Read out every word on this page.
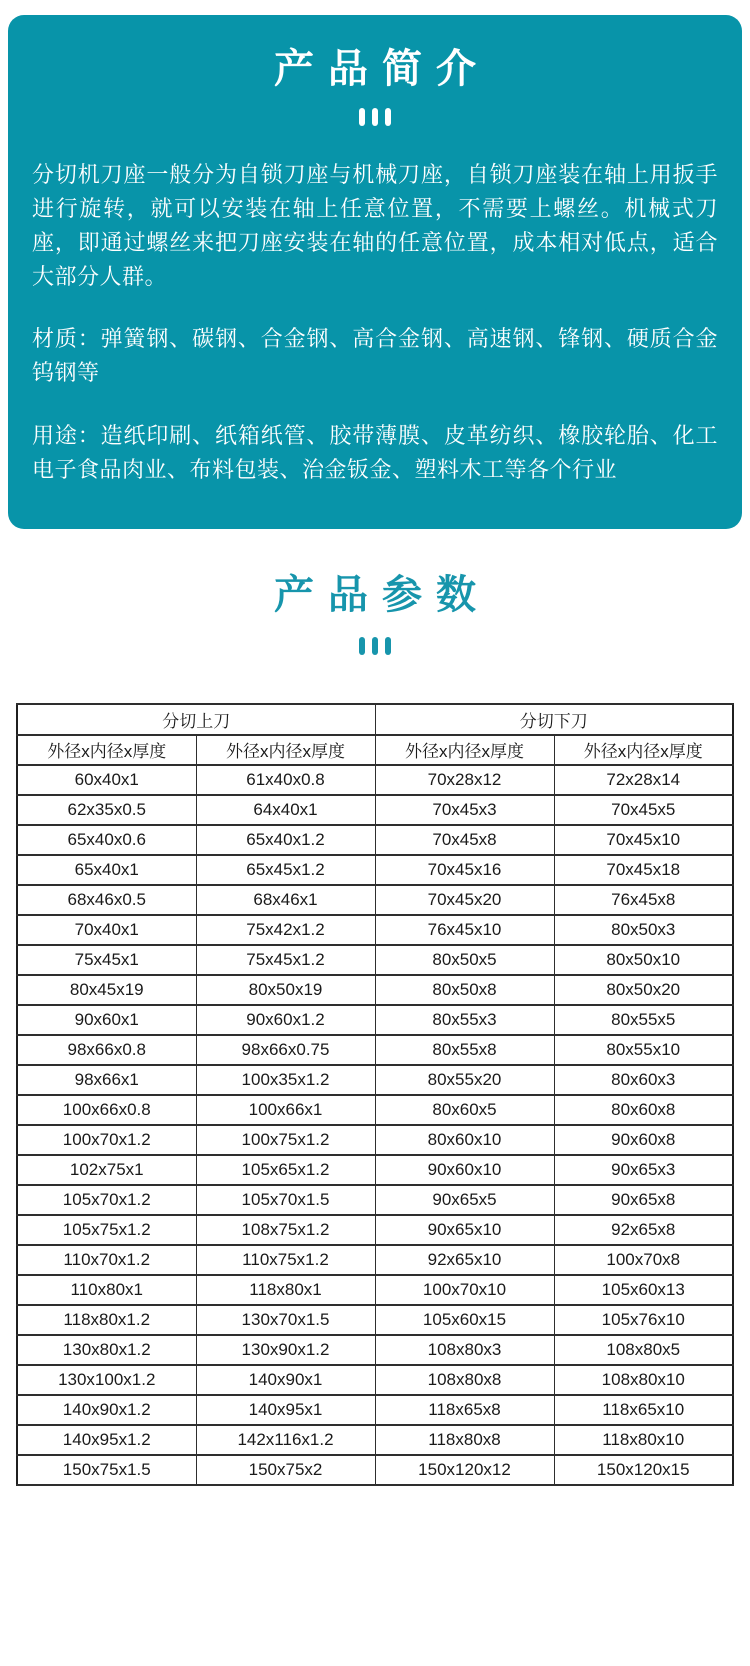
产品简介

分切机刀座一般分为自锁刀座与机械刀座，自锁刀座装在轴上用扳手进行旋转，就可以安装在轴上任意位置，不需要上螺丝。机械式刀座，即通过螺丝来把刀座安装在轴的任意位置，成本相对低点，适合大部分人群。

材质：弹簧钢、碳钢、合金钢、高合金钢、高速钢、锋钢、硬质合金钨钢等

用途：造纸印刷、纸箱纸管、胶带薄膜、皮革纺织、橡胶轮胎、化工电子食品肉业、布料包装、治金钣金、塑料木工等各个行业

产品参数
分切上刀		分切下刀	
外径x内径x厚度	外径x内径x厚度	外径x内径x厚度	外径x内径x厚度
60x40x1	61x40x0.8	70x28x12	72x28x14
62x35x0.5	64x40x1	70x45x3	70x45x5
65x40x0.6	65x40x1.2	70x45x8	70x45x10
65x40x1	65x45x1.2	70x45x16	70x45x18
68x46x0.5	68x46x1	70x45x20	76x45x8
70x40x1	75x42x1.2	76x45x10	80x50x3
75x45x1	75x45x1.2	80x50x5	80x50x10
80x45x19	80x50x19	80x50x8	80x50x20
90x60x1	90x60x1.2	80x55x3	80x55x5
98x66x0.8	98x66x0.75	80x55x8	80x55x10
98x66x1	100x35x1.2	80x55x20	80x60x3
100x66x0.8	100x66x1	80x60x5	80x60x8
100x70x1.2	100x75x1.2	80x60x10	90x60x8
102x75x1	105x65x1.2	90x60x10	90x65x3
105x70x1.2	105x70x1.5	90x65x5	90x65x8
105x75x1.2	108x75x1.2	90x65x10	92x65x8
110x70x1.2	110x75x1.2	92x65x10	100x70x8
110x80x1	118x80x1	100x70x10	105x60x13
118x80x1.2	130x70x1.5	105x60x15	105x76x10
130x80x1.2	130x90x1.2	108x80x3	108x80x5
130x100x1.2	140x90x1	108x80x8	108x80x10
140x90x1.2	140x95x1	118x65x8	118x65x10
140x95x1.2	142x116x1.2	118x80x8	118x80x10
150x75x1.5	150x75x2	150x120x12	150x120x15
